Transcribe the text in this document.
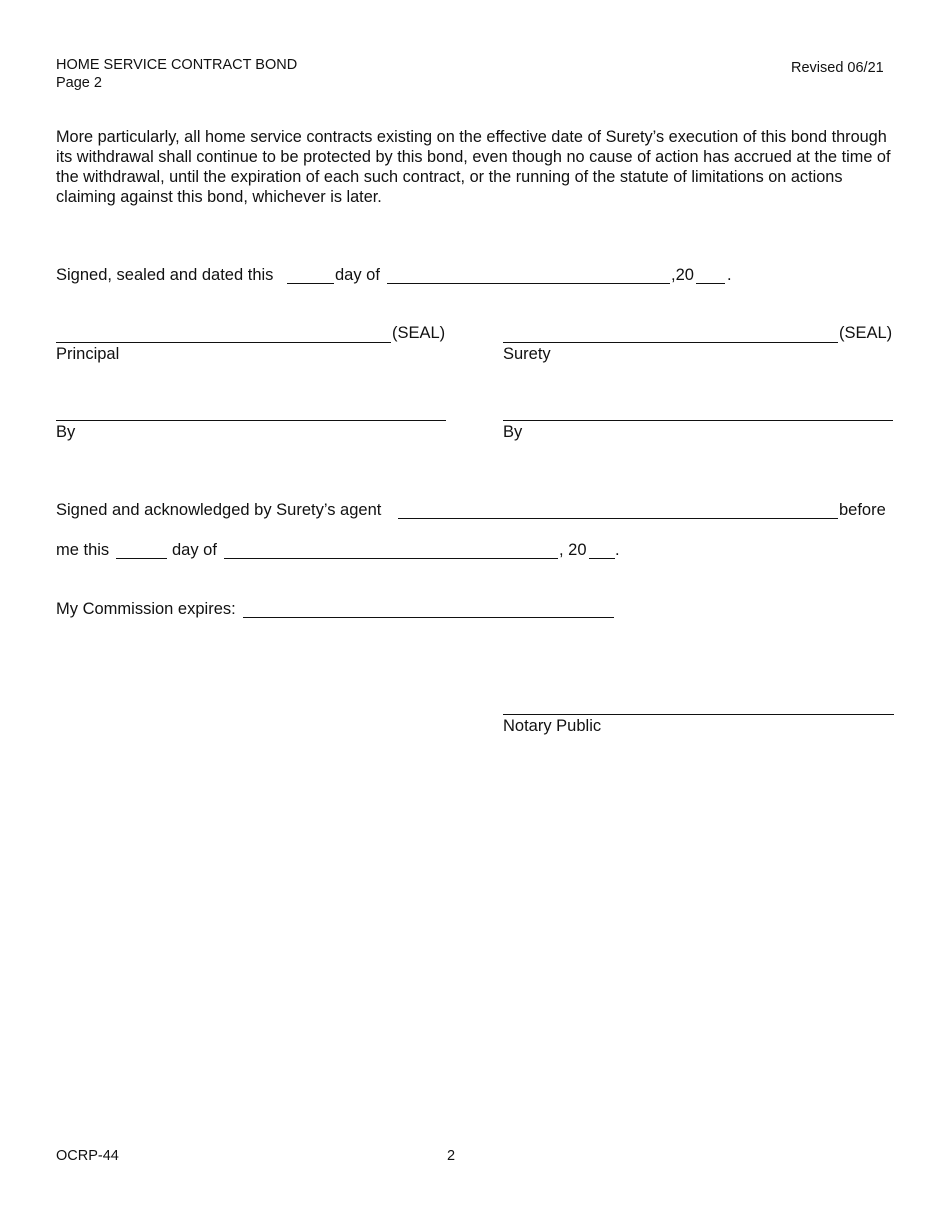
HOME SERVICE CONTRACT BOND
Page 2
Revised 06/21
More particularly, all home service contracts existing on the effective date of Surety’s execution of this bond through its withdrawal shall continue to be protected by this bond, even though no cause of action has accrued at the time of the withdrawal, until the expiration of each such contract, or the running of the statute of limitations on actions claiming against this bond, whichever is later.
Signed, sealed and dated this	day of	,20 .
(SEAL)
Principal
(SEAL)
Surety
By	By
Signed and acknowledged by Surety’s agent	before
me this	day of	, 20 .
My Commission expires:
Notary Public
OCRP-44	2
